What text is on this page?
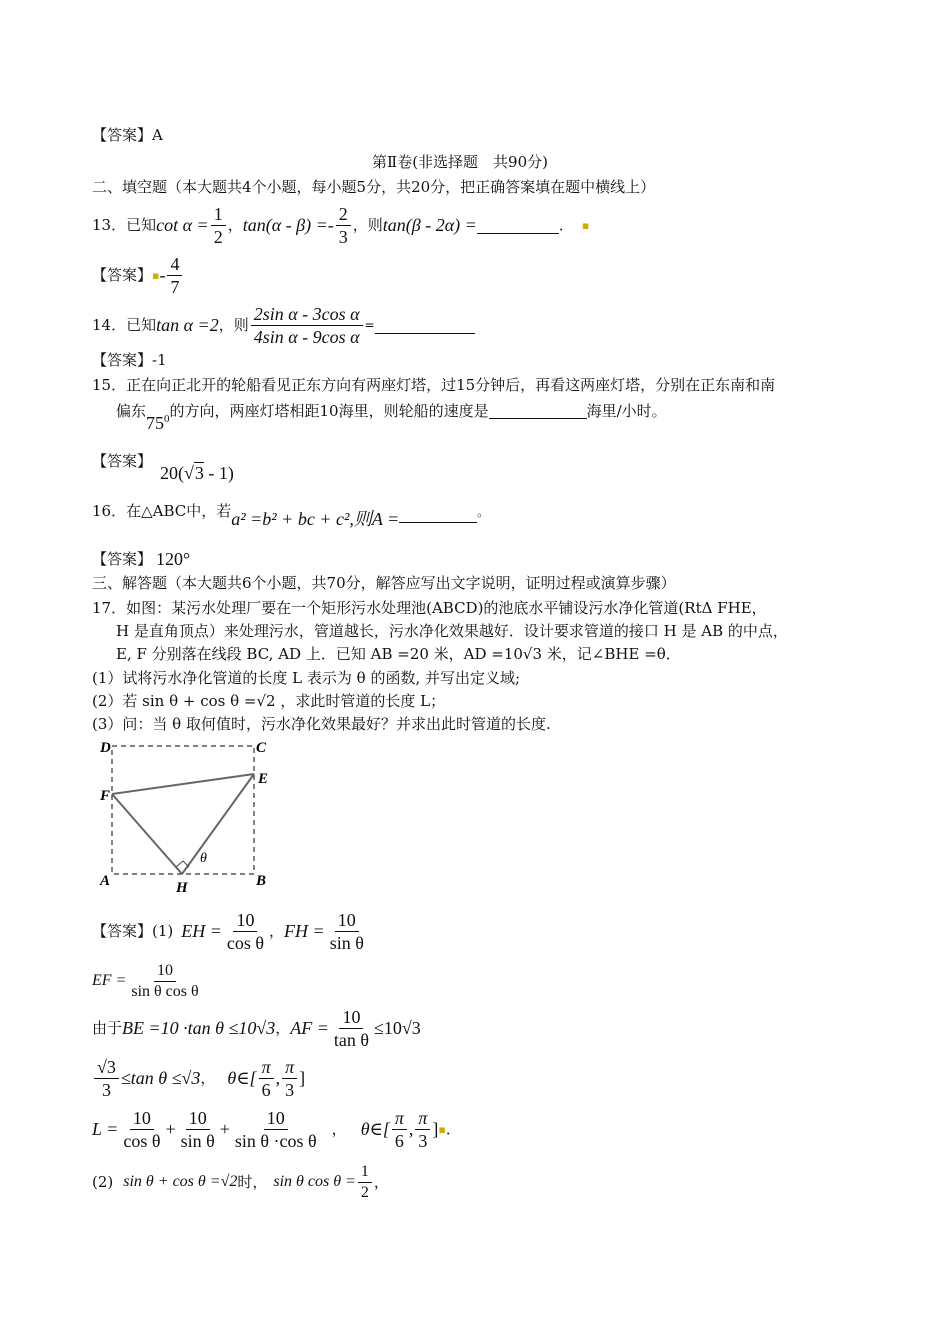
【答案】A
第Ⅱ卷(非选择题　共90分)
二、填空题（本大题共4个小题，每小题5分，共20分，把正确答案填在题中横线上）
13．已知 $\cot \alpha = \frac{1}{2}$ ， $\tan(\alpha - \beta) =- \frac{2}{3}$ ，则 tan(β - 2α) =	． ▪
【答案】 ▪ - $\frac{4}{7}$
14．已知 tan α =2 ，则 $\frac{\text{2sin α - 3cos α}}{\text{4sin α - 9cos α}}$ =
【答案】-1
15．正在向正北开的轮船看见正东方向有两座灯塔，过15分钟后，再看这两座灯塔，分别在正东南和南
偏东
$75^0$ 的方向，两座灯塔相距10海里，则轮船的速度是	海里/小时。
【答案】
20(√3 - 1)
16．在△ABC中，若 a² =b² + bc + c²,则A =	。
【答案】 120°
三、解答题（本大题共6个小题，共70分，解答应写出文字说明，证明过程或演算步骤）
17．如图：某污水处理厂要在一个矩形污水处理池(ABCD)的池底水平铺设污水净化管道(RtΔ FHE，
H 是直角顶点）来处理污水，管道越长，污水净化效果越好．设计要求管道的接口 H 是 AB 的中点，
E, F 分别落在线段 BC, AD 上．已知 AB =20 米，AD =10√3 米，记∠BHE =θ．
(1）试将污水净化管道的长度 L 表示为 θ 的函数, 并写出定义域;
(2）若 sin θ + cos θ =√2 ，求此时管道的长度 L；
(3）问：当 θ 取何值时，污水净化效果最好？并求出此时管道的长度.
D	C
E
F
θ
A	H	B
【答案】 (1) EH = $\frac{10}{\text{cos θ}}$ ， FH = $\frac{10}{\text{sin θ}}$
EF = $\frac{10}{\text{sin θ cos θ}}$
由于 BE =10 ·tan θ ≤10√3 ， AF = $\frac{10}{\text{tan θ}} \le 10√3$
$\frac{√3}{3} \le\tan$ θ ≤√3 ， θ∈[ $\frac{\pi}{6}$ , $\frac{\pi}{3}$ ]
$L = \frac{10}{\text{cos θ}} + \frac{10}{\text{sin θ}} + \frac{10}{\text{sin θ ·cos θ}}$ ， θ∈[ $\frac{\pi}{6}$ , $\frac{\pi}{3}$ ] ▪ ．
(2) sin θ + cos θ =√2 时， sin θ $\cos \theta = \frac{1}{2}$ ，
